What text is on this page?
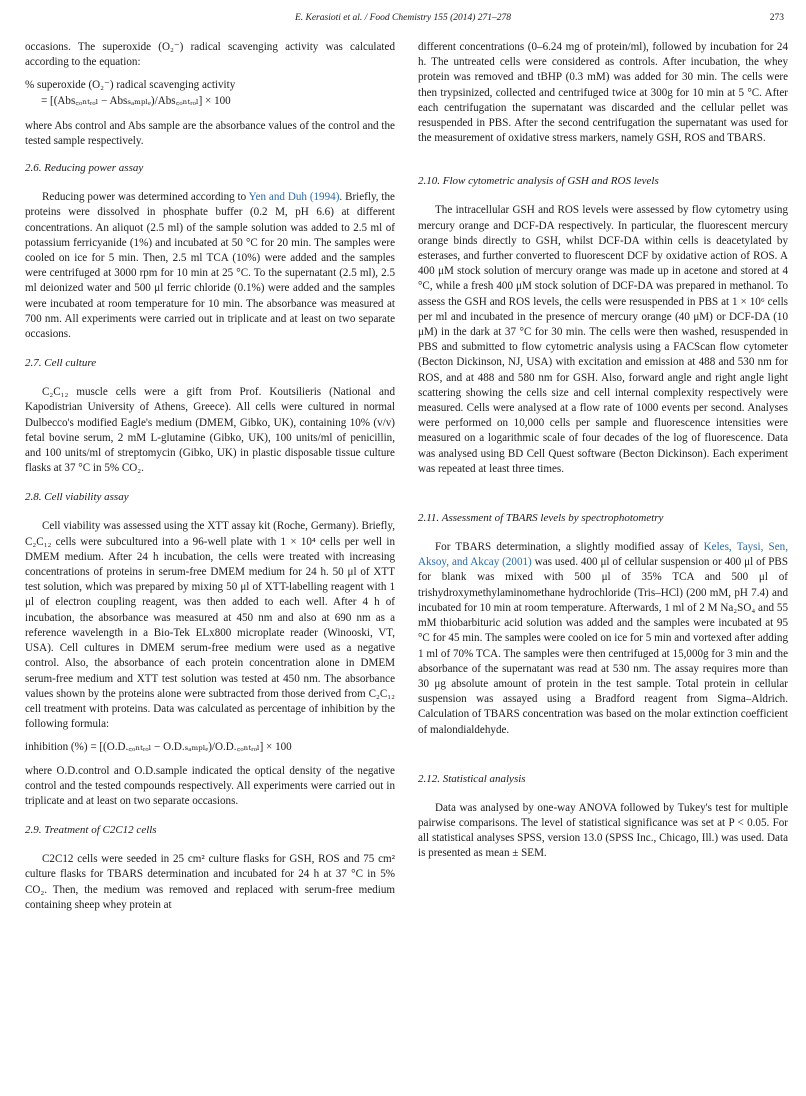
E. Kerasioti et al. / Food Chemistry 155 (2014) 271–278	273

occasions. The superoxide (O₂⁻) radical scavenging activity was calculated according to the equation:

% superoxide (O₂⁻) radical scavenging activity

= [(Abs꜀ₒₙₜᵣₒₗ − Absₛₐₘₚₗₑ)/Abs꜀ₒₙₜᵣₒₗ] × 100

where Abs control and Abs sample are the absorbance values of the control and the tested sample respectively.

2.6. Reducing power assay

Reducing power was determined according to Yen and Duh (1994). Briefly, the proteins were dissolved in phosphate buffer (0.2 M, pH 6.6) at different concentrations. An aliquot (2.5 ml) of the sample solution was added to 2.5 ml of potassium ferricyanide (1%) and incubated at 50 °C for 20 min. The samples were cooled on ice for 5 min. Then, 2.5 ml TCA (10%) were added and the samples were centrifuged at 3000 rpm for 10 min at 25 °C. To the supernatant (2.5 ml), 2.5 ml deionized water and 500 μl ferric chloride (0.1%) were added and the samples were incubated at room temperature for 10 min. The absorbance was measured at 700 nm. All experiments were carried out in triplicate and at least on two separate occasions.

2.7. Cell culture

C₂C₁₂ muscle cells were a gift from Prof. Koutsilieris (National and Kapodistrian University of Athens, Greece). All cells were cultured in normal Dulbecco's modified Eagle's medium (DMEM, Gibko, UK), containing 10% (v/v) fetal bovine serum, 2 mM L-glutamine (Gibko, UK), 100 units/ml of penicillin, and 100 units/ml of streptomycin (Gibko, UK) in plastic disposable tissue culture flasks at 37 °C in 5% CO₂.

2.8. Cell viability assay

Cell viability was assessed using the XTT assay kit (Roche, Germany). Briefly, C₂C₁₂ cells were subcultured into a 96-well plate with 1 × 10⁴ cells per well in DMEM medium. After 24 h incubation, the cells were treated with increasing concentrations of proteins in serum-free DMEM medium for 24 h. 50 μl of XTT test solution, which was prepared by mixing 50 μl of XTT-labelling reagent with 1 μl of electron coupling reagent, was then added to each well. After 4 h of incubation, the absorbance was measured at 450 nm and also at 690 nm as a reference wavelength in a Bio-Tek ELx800 microplate reader (Winooski, VT, USA). Cell cultures in DMEM serum-free medium were used as a negative control. Also, the absorbance of each protein concentration alone in DMEM serum-free medium and XTT test solution was tested at 450 nm. The absorbance values shown by the proteins alone were subtracted from those derived from C₂C₁₂ cell treatment with proteins. Data was calculated as percentage of inhibition by the following formula:

inhibition (%) = [(O.D.꜀ₒₙₜᵣₒₗ − O.D.ₛₐₘₚₗₑ)/O.D.꜀ₒₙₜᵣₒₗ] × 100

where O.D.control and O.D.sample indicated the optical density of the negative control and the tested compounds respectively. All experiments were carried out in triplicate and at least on two separate occasions.

2.9. Treatment of C2C12 cells

C2C12 cells were seeded in 25 cm² culture flasks for GSH, ROS and 75 cm² culture flasks for TBARS determination and incubated for 24 h at 37 °C in 5% CO₂. Then, the medium was removed and replaced with serum-free medium containing sheep whey protein at

different concentrations (0–6.24 mg of protein/ml), followed by incubation for 24 h. The untreated cells were considered as controls. After incubation, the whey protein was removed and tBHP (0.3 mM) was added for 30 min. The cells were then trypsinized, collected and centrifuged twice at 300g for 10 min at 5 °C. After each centrifugation the supernatant was discarded and the cellular pellet was resuspended in PBS. After the second centrifugation the supernatant was used for the measurement of oxidative stress markers, namely GSH, ROS and TBARS.

2.10. Flow cytometric analysis of GSH and ROS levels

The intracellular GSH and ROS levels were assessed by flow cytometry using mercury orange and DCF-DA respectively. In particular, the fluorescent mercury orange binds directly to GSH, whilst DCF-DA within cells is deacetylated by esterases, and further converted to fluorescent DCF by oxidative action of ROS. A 400 μM stock solution of mercury orange was made up in acetone and stored at 4 °C, while a fresh 400 μM stock solution of DCF-DA was prepared in methanol. To assess the GSH and ROS levels, the cells were resuspended in PBS at 1 × 10⁶ cells per ml and incubated in the presence of mercury orange (40 μM) or DCF-DA (10 μM) in the dark at 37 °C for 30 min. The cells were then washed, resuspended in PBS and submitted to flow cytometric analysis using a FACScan flow cytometer (Becton Dickinson, NJ, USA) with excitation and emission at 488 and 530 nm for ROS, and at 488 and 580 nm for GSH. Also, forward angle and right angle light scattering showing the cells size and cell internal complexity respectively were measured. Cells were analysed at a flow rate of 1000 events per second. Analyses were performed on 10,000 cells per sample and fluorescence intensities were measured on a logarithmic scale of four decades of the log of fluorescence. Data was analysed using BD Cell Quest software (Becton Dickinson). Each experiment was repeated at least three times.

2.11. Assessment of TBARS levels by spectrophotometry

For TBARS determination, a slightly modified assay of Keles, Taysi, Sen, Aksoy, and Akcay (2001) was used. 400 μl of cellular suspension or 400 μl of PBS for blank was mixed with 500 μl of 35% TCA and 500 μl of trishydroxymethylaminomethane hydrochloride (Tris–HCl) (200 mM, pH 7.4) and incubated for 10 min at room temperature. Afterwards, 1 ml of 2 M Na₂SO₄ and 55 mM thiobarbituric acid solution was added and the samples were incubated at 95 °C for 45 min. The samples were cooled on ice for 5 min and vortexed after adding 1 ml of 70% TCA. The samples were then centrifuged at 15,000g for 3 min and the absorbance of the supernatant was read at 530 nm. The assay requires more than 30 μg absolute amount of protein in the test sample. Total protein in cellular suspension was assayed using a Bradford reagent from Sigma–Aldrich. Calculation of TBARS concentration was based on the molar extinction coefficient of malondialdehyde.

2.12. Statistical analysis

Data was analysed by one-way ANOVA followed by Tukey's test for multiple pairwise comparisons. The level of statistical significance was set at P < 0.05. For all statistical analyses SPSS, version 13.0 (SPSS Inc., Chicago, Ill.) was used. Data is presented as mean ± SEM.
